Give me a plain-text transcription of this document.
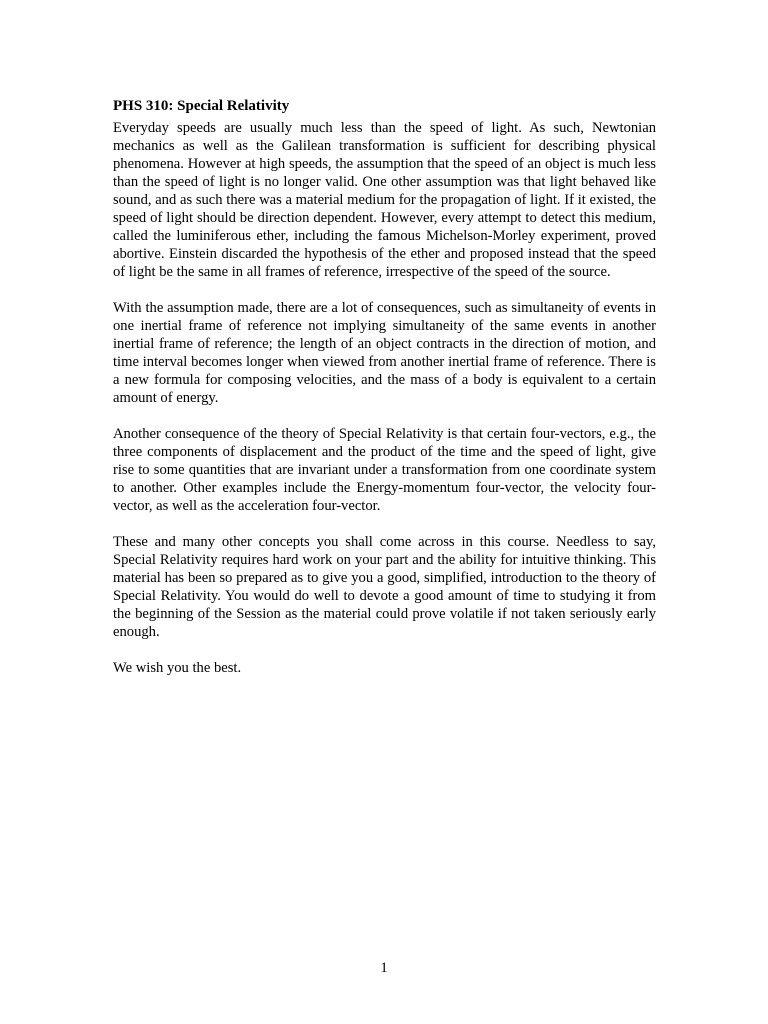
PHS 310: Special Relativity

Everyday speeds are usually much less than the speed of light. As such, Newtonian mechanics as well as the Galilean transformation is sufficient for describing physical phenomena. However at high speeds, the assumption that the speed of an object is much less than the speed of light is no longer valid. One other assumption was that light behaved like sound, and as such there was a material medium for the propagation of light. If it existed, the speed of light should be direction dependent. However, every attempt to detect this medium, called the luminiferous ether, including the famous Michelson-Morley experiment, proved abortive. Einstein discarded the hypothesis of the ether and proposed instead that the speed of light be the same in all frames of reference, irrespective of the speed of the source.

With the assumption made, there are a lot of consequences, such as simultaneity of events in one inertial frame of reference not implying simultaneity of the same events in another inertial frame of reference; the length of an object contracts in the direction of motion, and time interval becomes longer when viewed from another inertial frame of reference. There is a new formula for composing velocities, and the mass of a body is equivalent to a certain amount of energy.

Another consequence of the theory of Special Relativity is that certain four-vectors, e.g., the three components of displacement and the product of the time and the speed of light, give rise to some quantities that are invariant under a transformation from one coordinate system to another. Other examples include the Energy-momentum four-vector, the velocity four-vector, as well as the acceleration four-vector.

These and many other concepts you shall come across in this course. Needless to say, Special Relativity requires hard work on your part and the ability for intuitive thinking. This material has been so prepared as to give you a good, simplified, introduction to the theory of Special Relativity. You would do well to devote a good amount of time to studying it from the beginning of the Session as the material could prove volatile if not taken seriously early enough.

We wish you the best.

1
